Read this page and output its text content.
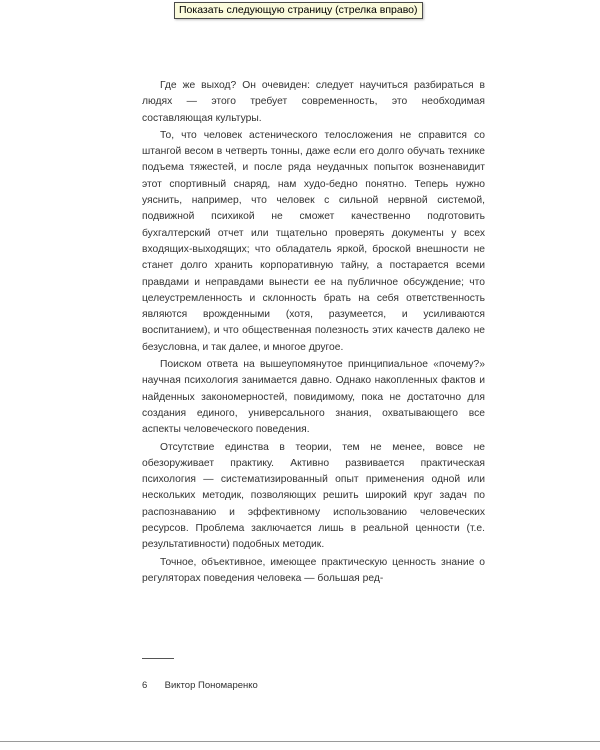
Показать следующую страницу (стрелка вправо)

Где же выход? Он очевиден: следует научиться разбираться в людях — этого требует современность, это необходимая составляющая культуры.

То, что человек астенического телосложения не справится со штангой весом в четверть тонны, даже если его долго обучать технике подъема тяжестей, и после ряда неудачных попыток возненавидит этот спортивный снаряд, нам худо-бедно понятно. Теперь нужно уяснить, например, что человек с сильной нервной системой, подвижной психикой не сможет качественно подготовить бухгалтерский отчет или тщательно проверять документы у всех входящих-выходящих; что обладатель яркой, броской внешности не станет долго хранить корпоративную тайну, а постарается всеми правдами и неправдами вынести ее на публичное обсуждение; что целеустремленность и склонность брать на себя ответственность являются врожденными (хотя, разумеется, и усиливаются воспитанием), и что общественная полезность этих качеств далеко не безусловна, и так далее, и многое другое.

Поиском ответа на вышеупомянутое принципиальное «почему?» научная психология занимается давно. Однако накопленных фактов и найденных закономерностей, повидимому, пока не достаточно для создания единого, универсального знания, охватывающего все аспекты человеческого поведения.

Отсутствие единства в теории, тем не менее, вовсе не обезоруживает практику. Активно развивается практическая психология — систематизированный опыт применения одной или нескольких методик, позволяющих решить широкий круг задач по распознаванию и эффективному использованию человеческих ресурсов. Проблема заключается лишь в реальной ценности (т.е. результативности) подобных методик.

Точное, объективное, имеющее практическую ценность знание о регуляторах поведения человека — большая ред-

6 Виктор Пономаренко
